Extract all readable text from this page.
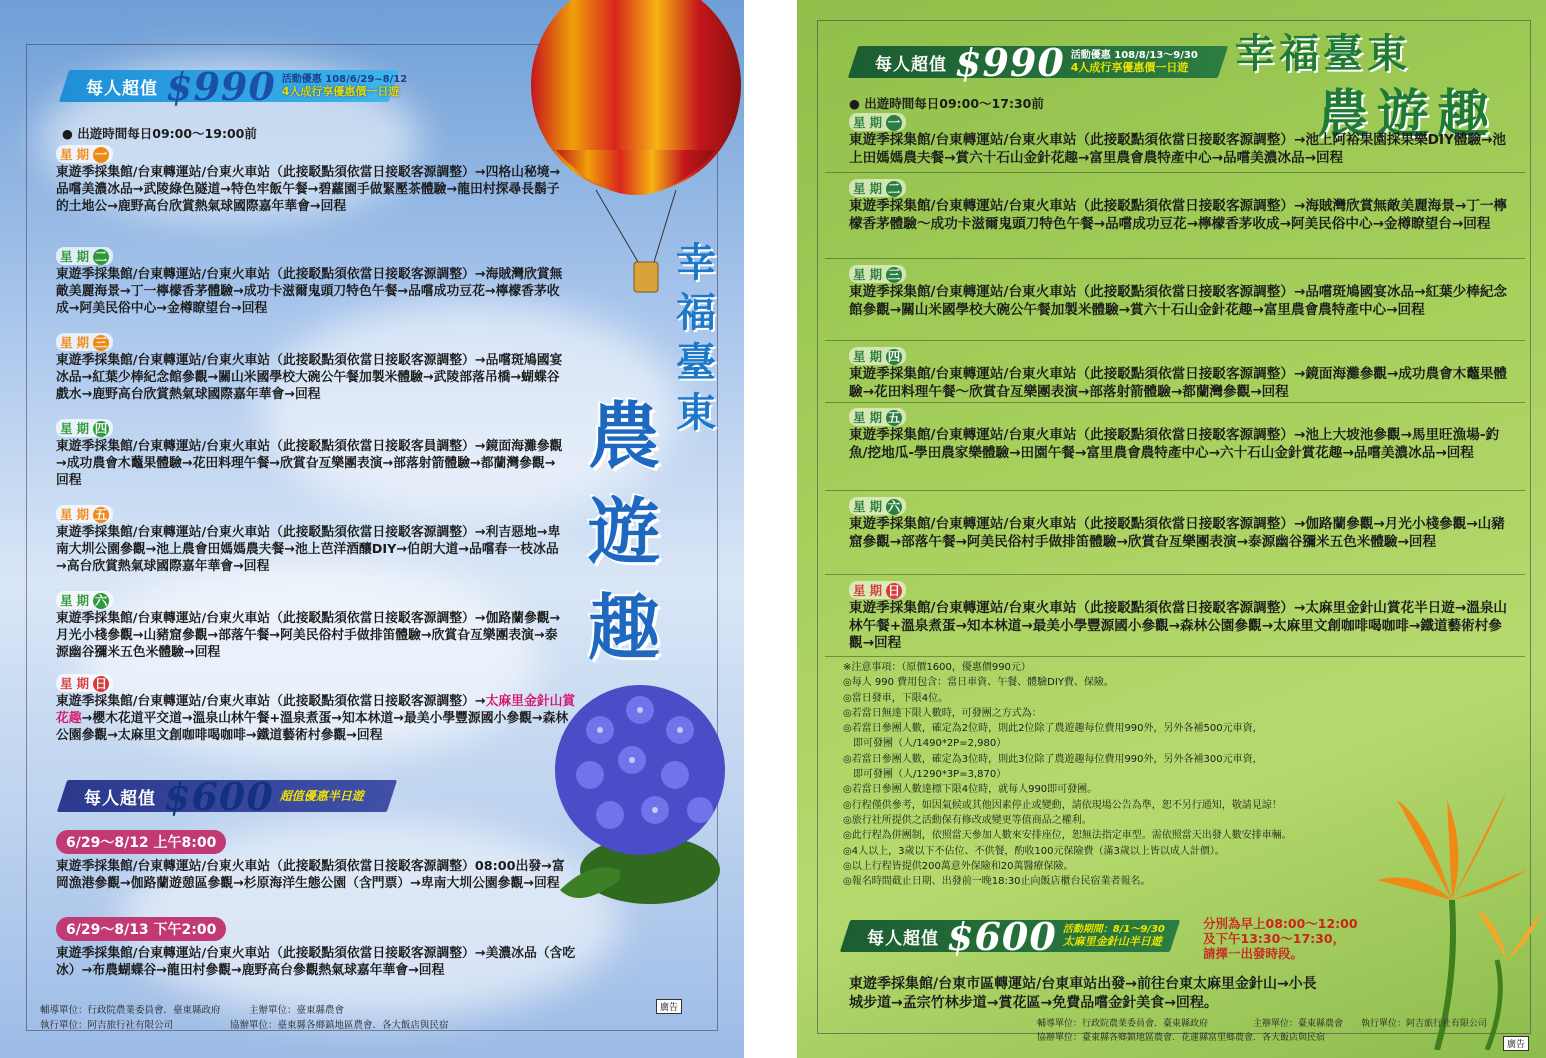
每人超值 $990 活動優惠 108/6/29~8/12
4人成行享優惠價一日遊
● 出遊時間每日09:00～19:00前
星期 一
東遊季採集館/台東轉運站/台東火車站（此接駁點須依當日接駁客源調整）→四格山秘境→品嚐美濃冰品→武陵綠色隧道→特色牢飯午餐→碧蘿園手做緊壓茶體驗→龍田村探尋長鬍子的土地公→鹿野高台欣賞熱氣球國際嘉年華會→回程
星期 二
東遊季採集館/台東轉運站/台東火車站（此接駁點須依當日接駁客源調整）→海賊灣欣賞無敵美麗海景→丁一檸檬香茅體驗→成功卡滋爾鬼頭刀特色午餐→品嚐成功豆花→檸檬香茅收成→阿美民俗中心→金樽瞭望台→回程
星期 三
東遊季採集館/台東轉運站/台東火車站（此接駁點須依當日接駁客源調整）→品嚐斑鳩國宴冰品→紅葉少棒紀念館參觀→關山米國學校大碗公午餐加製米體驗→武陵部落吊橋→蝴蝶谷戲水→鹿野高台欣賞熱氣球國際嘉年華會→回程
星期 四
東遊季採集館/台東轉運站/台東火車站（此接駁點須依當日接駁客員調整）→鏡面海灘參觀→成功農會木虌果體驗→花田料理午餐→欣賞旮亙樂團表演→部落射箭體驗→都蘭灣參觀→回程
星期 五
東遊季採集館/台東轉運站/台東火車站（此接駁點須依當日接駁客源調整）→利吉惡地→卑南大圳公園參觀→池上農會田媽媽農夫餐→池上芭洋酒釀DIY→伯朗大道→品嚐春一枝冰品→高台欣賞熱氣球國際嘉年華會→回程
星期 六
東遊季採集館/台東轉運站/台東火車站（此接駁點須依當日接駁客源調整）→伽路蘭參觀→月光小棧參觀→山豬窟參觀→部落午餐→阿美民俗村手做排笛體驗→欣賞旮亙樂團表演→泰源幽谷獼米五色米體驗→回程
星期 日
東遊季採集館/台東轉運站/台東火車站（此接駁點須依當日接駁客源調整）→太麻里金針山賞花趣→櫻木花道平交道→溫泉山林午餐+溫泉煮蛋→知本林道→最美小學豐源國小參觀→森林公園參觀→太麻里文創咖啡喝咖啡→鐵道藝術村參觀→回程
幸
福
臺
東
農
遊
趣
每人超值 $600 超值優惠半日遊
6/29～8/12 上午8:00
東遊季採集館/台東轉運站/台東火車站（此接駁點須依當日接駁客源調整）08:00出發→富岡漁港參觀→伽路蘭遊憩區參觀→杉原海洋生態公園（含門票）→卑南大圳公園參觀→回程
6/29～8/13 下午2:00
東遊季採集館/台東轉運站/台東火車站（此接駁點須依當日接駁客源調整）→美濃冰品（含吃冰）→布農蝴蝶谷→龍田村參觀→鹿野高台參觀熱氣球嘉年華會→回程
輔導單位：行政院農業委員會．臺東縣政府　　　主辦單位：臺東縣農會
執行單位：阿吉旅行社有限公司　　　　　　協辦單位：臺東縣各鄉鎮地區農會．各大飯店與民宿
廣告
每人超值 $990 活動優惠 108/8/13～9/30
4人成行享優惠價一日遊 幸福臺東
農遊趣
● 出遊時間每日09:00～17:30前
星期 一
東遊季採集館/台東轉運站/台東火車站（此接駁點須依當日接駁客源調整）→池上阿裕果園採果樂DIY體驗→池上田媽媽農夫餐→賞六十石山金針花趣→富里農會農特產中心→品嚐美濃冰品→回程
星期 二
東遊季採集館/台東轉運站/台東火車站（此接駁點須依當日接駁客源調整）→海賊灣欣賞無敵美麗海景→丁一檸檬香茅體驗～成功卡滋爾鬼頭刀特色午餐→品嚐成功豆花→檸檬香茅收成→阿美民俗中心→金樽瞭望台→回程
星期 三
東遊季採集館/台東轉運站/台東火車站（此接駁點須依當日接駁客源調整）→品嚐斑鳩國宴冰品→紅葉少棒紀念館參觀→關山米國學校大碗公午餐加製米體驗→賞六十石山金針花趣→富里農會農特產中心→回程
星期 四
東遊季採集館/台東轉運站/台東火車站（此接駁點須依當日接駁客源調整）→鏡面海灘參觀→成功農會木虌果體驗→花田料理午餐～欣賞旮亙樂團表演→部落射箭體驗→都蘭灣參觀→回程
星期 五
東遊季採集館/台東轉運站/台東火車站（此接駁點須依當日接駁客源調整）→池上大坡池參觀→馬里旺漁場-釣魚/挖地瓜-學田農家樂體驗→田園午餐→富里農會農特產中心→六十石山金針賞花趣→品嚐美濃冰品→回程
星期 六
東遊季採集館/台東轉運站/台東火車站（此接駁點須依當日接駁客源調整）→伽路蘭參觀→月光小棧參觀→山豬窟參觀→部落午餐→阿美民俗村手做排笛體驗→欣賞旮亙樂團表演→泰源幽谷獼米五色米體驗→回程
星期 日
東遊季採集館/台東轉運站/台東火車站（此接駁點須依當日接駁客源調整）→太麻里金針山賞花半日遊→溫泉山林午餐+溫泉煮蛋→知本林道→最美小學豐源國小參觀→森林公園參觀→太麻里文創咖啡喝咖啡→鐵道藝術村參觀→回程
※注意事項：（原價1600，優惠價990元）
◎每人 990 費用包含：當日車資、午餐、體驗DIY費、保險。
◎當日發車，下限4位。
◎若當日無達下限人數時，可發團之方式為：
◎若當日參團人數，確定為2位時，則此2位除了農遊趣每位費用990外，另外各補500元車資，
　即可發團（人/1490*2P=2,980）
◎若當日參團人數，確定為3位時，則此3位除了農遊趣每位費用990外，另外各補300元車資，
　即可發團（人/1290*3P=3,870）
◎若當日參團人數達標下限4位時，就每人990即可發團。
◎行程僅供參考，如因氣候或其他因素停止或變動，請依現場公告為準，恕不另行通知，敬請見諒！
◎旅行社所提供之活動保有修改或變更等值商品之權利。
◎此行程為併團制，依照當天參加人數來安排座位，恕無法指定車型。需依照當天出發人數安排車輛。
◎4人以上，3歲以下不佔位、不供餐，酌收100元保險費（滿3歲以上皆以成人計價）。
◎以上行程皆提供200萬意外保險和20萬醫療保險。
◎報名時間截止日期、出發前一晚18:30止向飯店櫃台民宿業者報名。
每人超值 $600 活動期間：8/1～9/30
太麻里金針山半日遊
分別為早上08:00～12:00
及下午13:30～17:30，
請擇一出發時段。
東遊季採集館/台東市區轉運站/台東車站出發→前往台東太麻里金針山→小長城步道→孟宗竹林步道→賞花區→免費品嚐金針美食→回程。
輔導單位：行政院農業委員會．臺東縣政府　　　　　主辦單位：臺東縣農會　　執行單位：阿吉旅行社有限公司
協辦單位：臺東縣各鄉鎮地區農會．花蓮縣富里鄉農會．各大飯店與民宿
廣告
